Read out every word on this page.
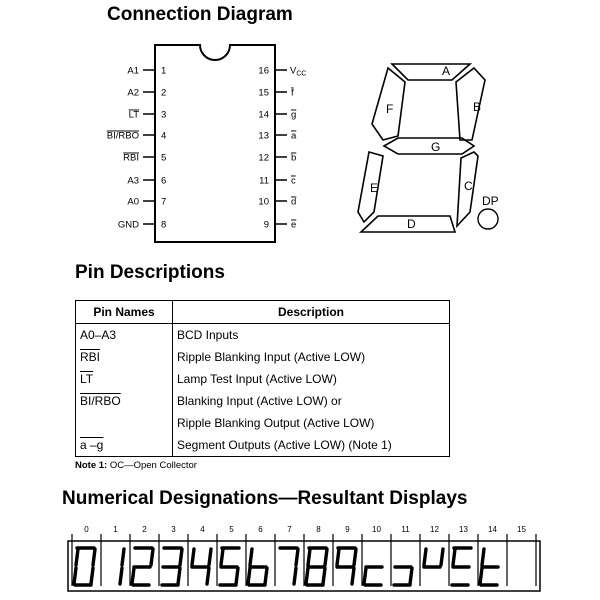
Connection Diagram
A1 1
A2 2
LT 3
BI/RBO 4
RBI 5
A3 6
A0 7
GND 8
16 $V_{CC}$
15 f
14 g
13 a
12 b
11 c
10 d
9 e
A
B
G
F
E	C
D
DP
Pin Descriptions
Pin Names	Description
A0–A3	BCD Inputs
$\overline{RBI}$	Ripple Blanking Input (Active LOW)
$\overline{LT}$	Lamp Test Input (Active LOW)
BI/RBO	Blanking Input (Active LOW) or
	Ripple Blanking Output (Active LOW)
a –g	Segment Outputs (Active LOW) (Note 1)
Note 1: OC—Open Collector
Numerical Designations—Resultant Displays
0	1	2	3	4	5	6	7	8	9	10	11	12	13	14	15
